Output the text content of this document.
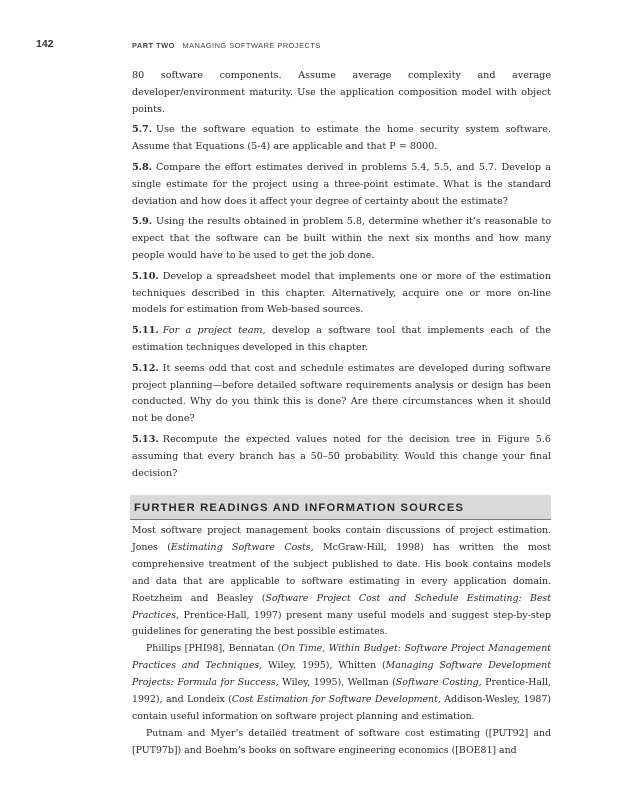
142	PART TWO MANAGING SOFTWARE PROJECTS

80 software components. Assume average complexity and average developer/environment maturity. Use the application composition model with object points.

5.7. Use the software equation to estimate the home security system software. Assume that Equations (5-4) are applicable and that P = 8000.

5.8. Compare the effort estimates derived in problems 5.4, 5.5, and 5.7. Develop a single estimate for the project using a three-point estimate. What is the standard deviation and how does it affect your degree of certainty about the estimate?

5.9. Using the results obtained in problem 5.8, determine whether it’s reasonable to expect that the software can be built within the next six months and how many people would have to be used to get the job done.

5.10. Develop a spreadsheet model that implements one or more of the estimation techniques described in this chapter. Alternatively, acquire one or more on-line models for estimation from Web-based sources.

5.11. For a project team, develop a software tool that implements each of the estimation techniques developed in this chapter.

5.12. It seems odd that cost and schedule estimates are developed during software project planning—before detailed software requirements analysis or design has been conducted. Why do you think this is done? Are there circumstances when it should not be done?

5.13. Recompute the expected values noted for the decision tree in Figure 5.6 assuming that every branch has a 50–50 probability. Would this change your final decision?

FURTHER READINGS AND INFORMATION SOURCES

Most software project management books contain discussions of project estimation. Jones (Estimating Software Costs, McGraw-Hill, 1998) has written the most comprehensive treatment of the subject published to date. His book contains models and data that are applicable to software estimating in every application domain. Roetzheim and Beasley (Software Project Cost and Schedule Estimating: Best Practices, Prentice-Hall, 1997) present many useful models and suggest step-by-step guidelines for generating the best possible estimates.

Phillips [PHI98], Bennatan (On Time, Within Budget: Software Project Management Practices and Techniques, Wiley, 1995), Whitten (Managing Software Development Projects: Formula for Success, Wiley, 1995), Wellman (Software Costing, Prentice-Hall, 1992), and Londeix (Cost Estimation for Software Development, Addison-Wesley, 1987) contain useful information on software project planning and estimation.

Putnam and Myer’s detailed treatment of software cost estimating ([PUT92] and [PUT97b]) and Boehm’s books on software engineering economics ([BOE81] and
